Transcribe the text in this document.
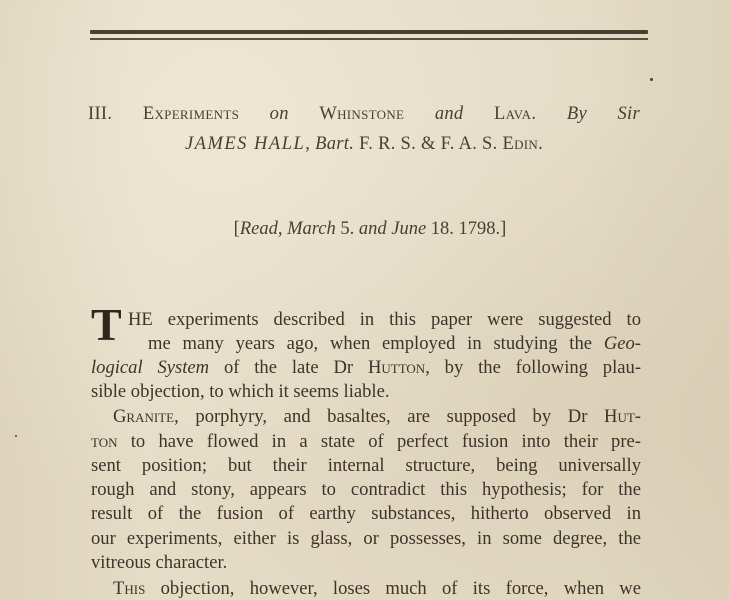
III. Experiments on Whinstone and Lava. By Sir
JAMES HALL, Bart. F. R. S. & F. A. S. Edin.
[Read, March 5. and June 18. 1798.]
T HE experiments described in this paper were suggested to
me many years ago, when employed in studying the Geo-
logical System of the late Dr Hutton, by the following plau-
sible objection, to which it seems liable.
Granite, porphyry, and basaltes, are supposed by Dr Hut-
ton to have flowed in a state of perfect fusion into their pre-
sent position; but their internal structure, being universally
rough and stony, appears to contradict this hypothesis; for the
result of the fusion of earthy substances, hitherto observed in
our experiments, either is glass, or possesses, in some degree, the
vitreous character.
This objection, however, loses much of its force, when we
